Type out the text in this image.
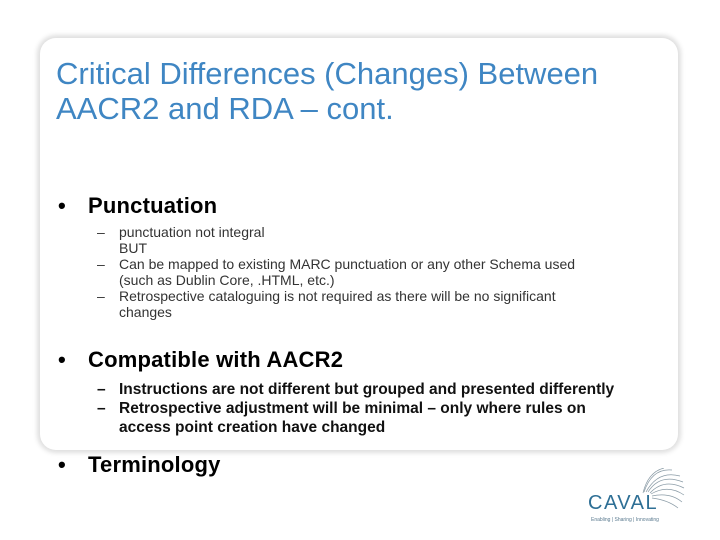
Critical Differences (Changes) Between
AACR2 and RDA – cont.
• Punctuation
– punctuation not integral
BUT
– Can be mapped to existing MARC punctuation or any other Schema used
(such as Dublin Core, .HTML, etc.)
– Retrospective cataloguing is not required as there will be no significant
changes
• Compatible with AACR2
– Instructions are not different but grouped and presented differently
– Retrospective adjustment will be minimal – only where rules on
access point creation have changed
• Terminology
CAVAL
Enabling | Sharing | Innovating
